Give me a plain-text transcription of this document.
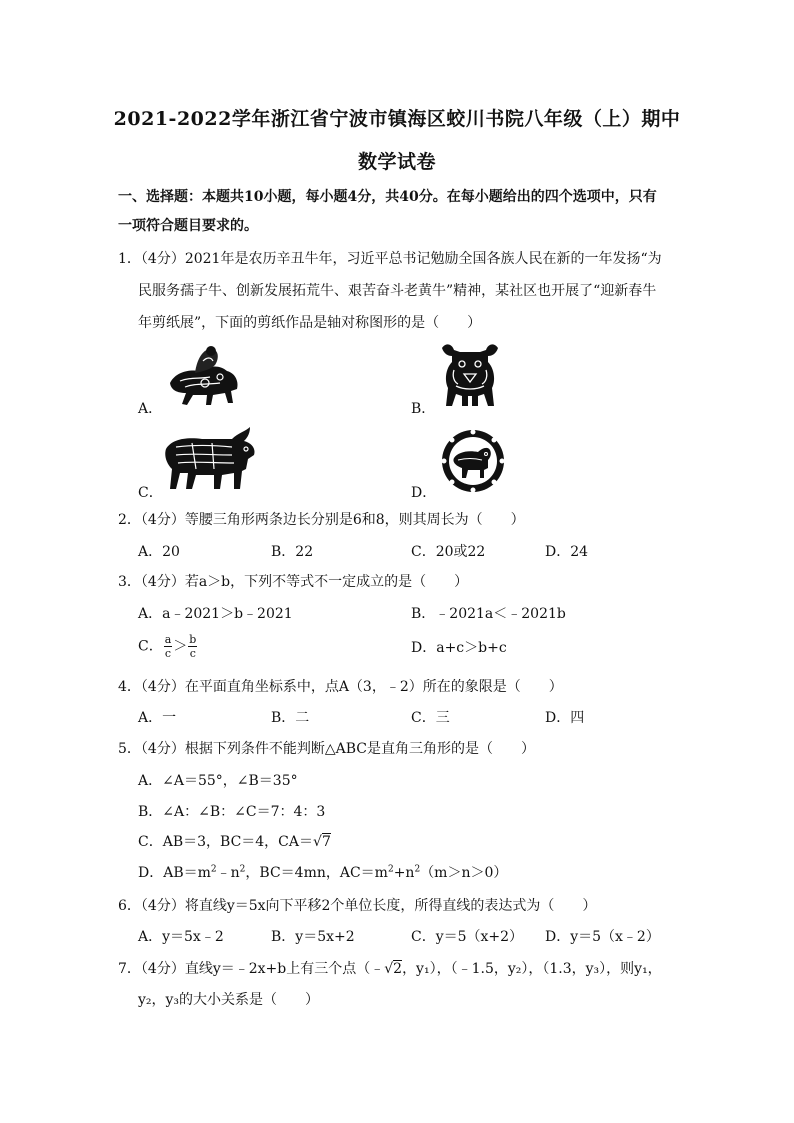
2021-2022学年浙江省宁波市镇海区蛟川书院八年级（上）期中
数学试卷
一、选择题：本题共10小题，每小题4分，共40分。在每小题给出的四个选项中，只有
一项符合题目要求的。
1．（4分）2021年是农历辛丑牛年，习近平总书记勉励全国各族人民在新的一年发扬“为
民服务孺子牛、创新发展拓荒牛、艰苦奋斗老黄牛”精神，某社区也开展了“迎新春牛
年剪纸展”，下面的剪纸作品是轴对称图形的是（　　）
A．	B．
C．	D．
2．（4分）等腰三角形两条边长分别是6和8，则其周长为（　　）
A．20	B．22	C．20或22	D．24
3．（4分）若a＞b，下列不等式不一定成立的是（　　）
A．a﹣2021＞b﹣2021	B．﹣2021a＜﹣2021b
C． $\frac{a}{c} > \frac{b}{c}$	D．a+c＞b+c
4．（4分）在平面直角坐标系中，点A（3，﹣2）所在的象限是（　　）
A．一	B．二	C．三	D．四
5．（4分）根据下列条件不能判断△ABC是直角三角形的是（　　）
A．∠A＝55°，∠B＝35°
B．∠A：∠B：∠C＝7：4：3
C．AB＝3，BC＝4，CA＝√7
D．$AB=m^2﹣n^2$，BC＝4mn，$AC=m^2+n^2(m>n>0)$
6．（4分）将直线y＝5x向下平移2个单位长度，所得直线的表达式为（　　）
A．y＝5x﹣2	B．y＝5x+2	C．y＝5（x+2） D．y＝5（x﹣2）
7．（4分）直线y＝﹣2x+b上有三个点（﹣√2，y₁），（﹣1.5，y₂），（1.3，y₃），则y₁，
y₂，y₃的大小关系是（　　）
